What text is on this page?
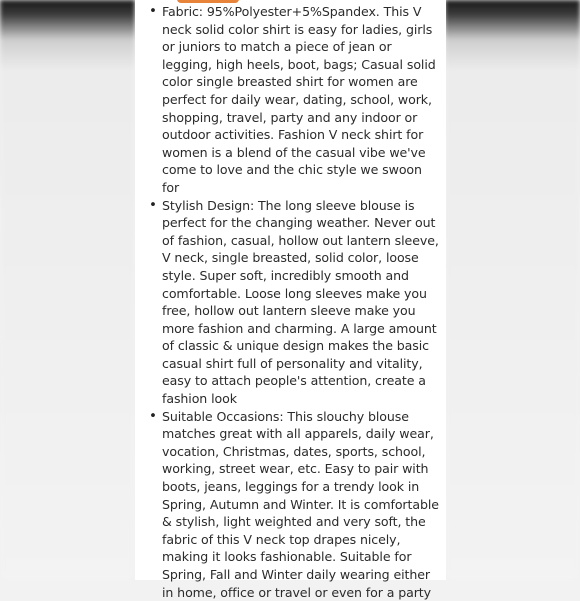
• Fabric: 95%Polyester+5%Spandex. This V neck solid color shirt is easy for ladies, girls or juniors to match a piece of jean or legging, high heels, boot, bags; Casual solid color single breasted shirt for women are perfect for daily wear, dating, school, work, shopping, travel, party and any indoor or outdoor activities. Fashion V neck shirt for women is a blend of the casual vibe we've come to love and the chic style we swoon for
• Stylish Design: The long sleeve blouse is perfect for the changing weather. Never out of fashion, casual, hollow out lantern sleeve, V neck, single breasted, solid color, loose style. Super soft, incredibly smooth and comfortable. Loose long sleeves make you free, hollow out lantern sleeve make you more fashion and charming. A large amount of classic & unique design makes the basic casual shirt full of personality and vitality, easy to attach people's attention, create a fashion look
• Suitable Occasions: This slouchy blouse matches great with all apparels, daily wear, vocation, Christmas, dates, sports, school, working, street wear, etc. Easy to pair with boots, jeans, leggings for a trendy look in Spring, Autumn and Winter. It is comfortable & stylish, light weighted and very soft, the fabric of this V neck top drapes nicely, making it looks fashionable. Suitable for Spring, Fall and Winter daily wearing either in home, office or travel or even for a party
